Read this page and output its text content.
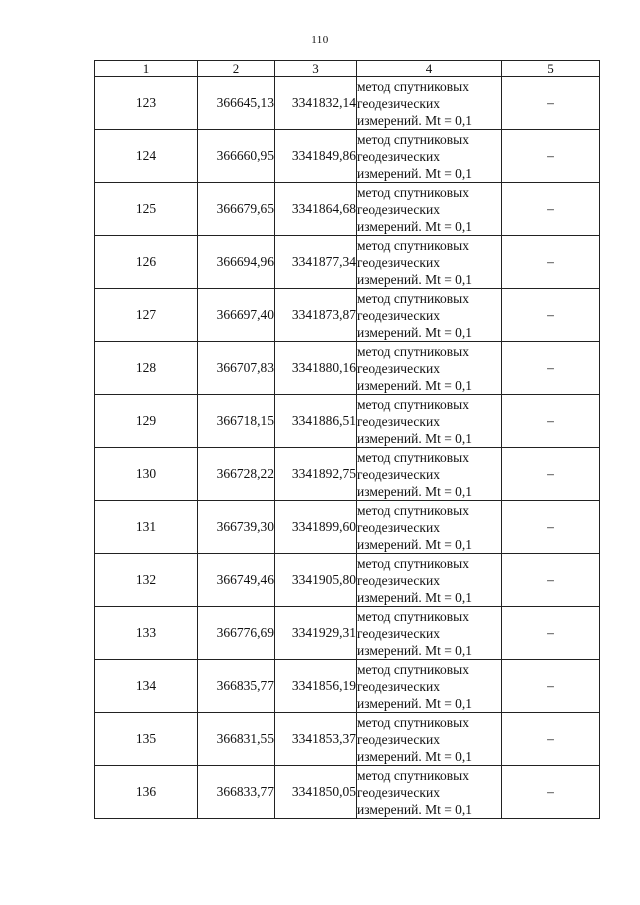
110
1	2	3	4	5
123	366645,13	3341832,14	метод спутниковых
геодезических
измерений. Mt = 0,1	–
124	366660,95	3341849,86	метод спутниковых
геодезических
измерений. Mt = 0,1	–
125	366679,65	3341864,68	метод спутниковых
геодезических
измерений. Mt = 0,1	–
126	366694,96	3341877,34	метод спутниковых
геодезических
измерений. Mt = 0,1	–
127	366697,40	3341873,87	метод спутниковых
геодезических
измерений. Mt = 0,1	–
128	366707,83	3341880,16	метод спутниковых
геодезических
измерений. Mt = 0,1	–
129	366718,15	3341886,51	метод спутниковых
геодезических
измерений. Mt = 0,1	–
130	366728,22	3341892,75	метод спутниковых
геодезических
измерений. Mt = 0,1	–
131	366739,30	3341899,60	метод спутниковых
геодезических
измерений. Mt = 0,1	–
132	366749,46	3341905,80	метод спутниковых
геодезических
измерений. Mt = 0,1	–
133	366776,69	3341929,31	метод спутниковых
геодезических
измерений. Mt = 0,1	–
134	366835,77	3341856,19	метод спутниковых
геодезических
измерений. Mt = 0,1	–
135	366831,55	3341853,37	метод спутниковых
геодезических
измерений. Mt = 0,1	–
136	366833,77	3341850,05	метод спутниковых
геодезических
измерений. Mt = 0,1	–
